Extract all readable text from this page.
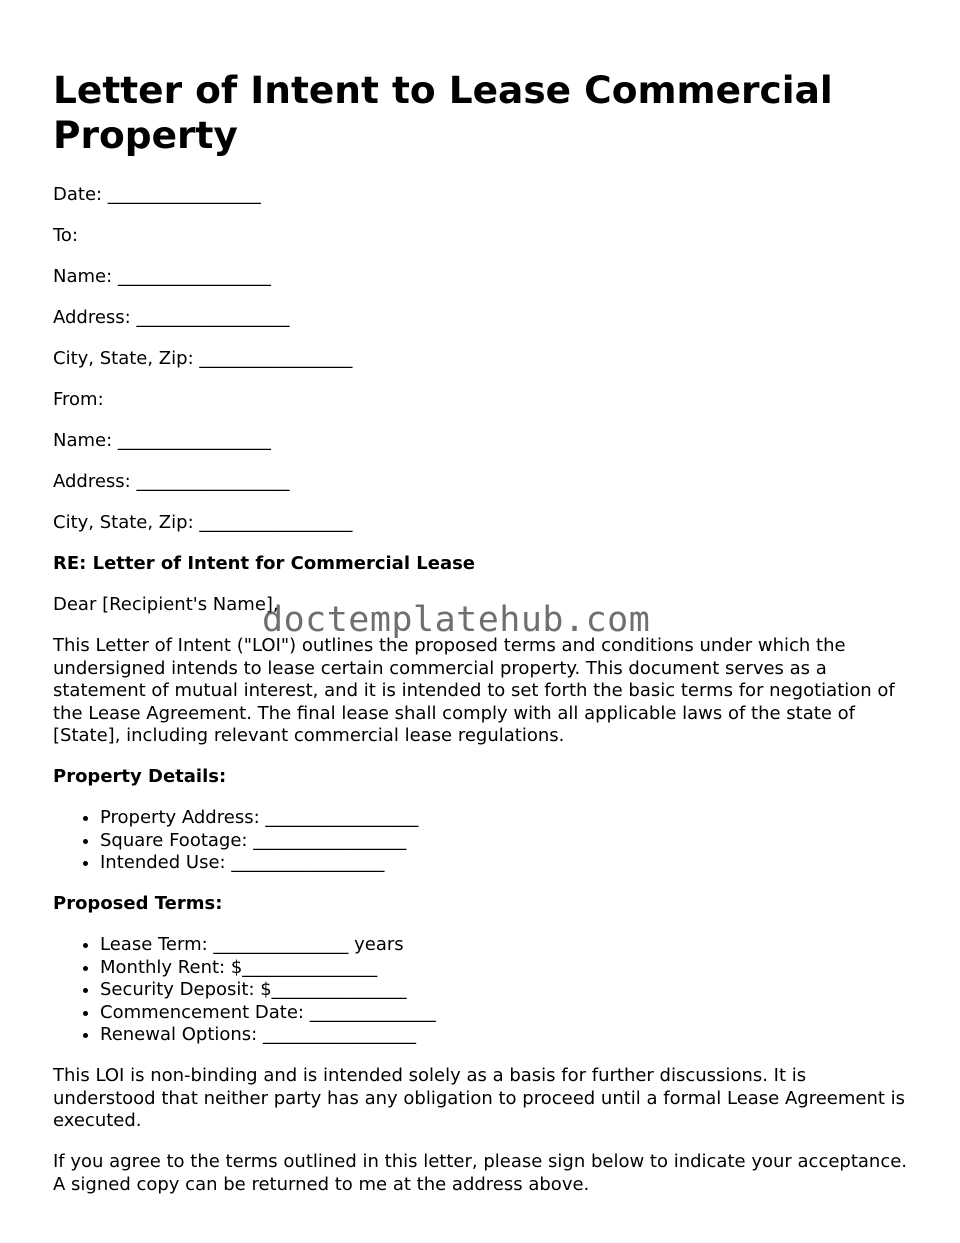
Letter of Intent to Lease Commercial Property

Date: _________________

To:

Name: _________________

Address: _________________

City, State, Zip: _________________

From:

Name: _________________

Address: _________________

City, State, Zip: _________________

RE: Letter of Intent for Commercial Lease

Dear [Recipient's Name],

This Letter of Intent ("LOI") outlines the proposed terms and conditions under which the undersigned intends to lease certain commercial property. This document serves as a statement of mutual interest, and it is intended to set forth the basic terms for negotiation of the Lease Agreement. The final lease shall comply with all applicable laws of the state of [State], including relevant commercial lease regulations.

Property Details:

• Property Address: _________________
• Square Footage: _________________
• Intended Use: _________________

Proposed Terms:

• Lease Term: _______________ years
• Monthly Rent: $_______________
• Security Deposit: $_______________
• Commencement Date: ______________
• Renewal Options: _________________

This LOI is non-binding and is intended solely as a basis for further discussions. It is understood that neither party has any obligation to proceed until a formal Lease Agreement is executed.

If you agree to the terms outlined in this letter, please sign below to indicate your acceptance. A signed copy can be returned to me at the address above.

doctemplatehub.com
